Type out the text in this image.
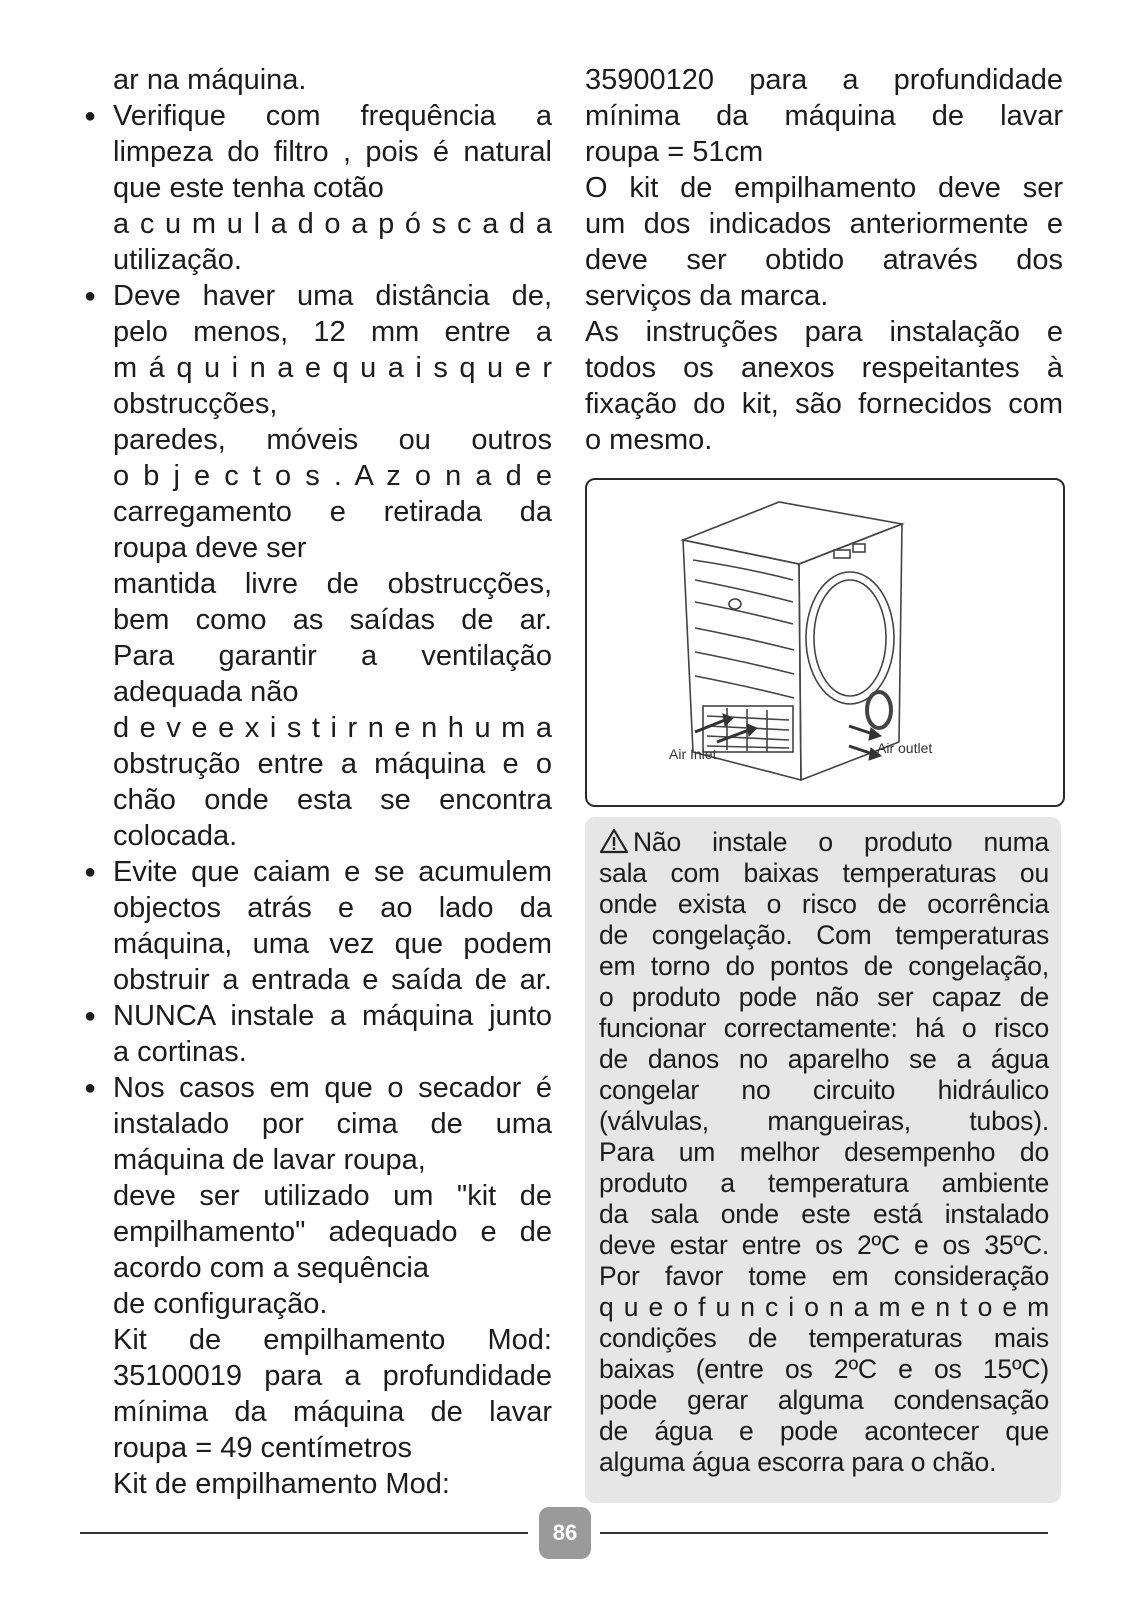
ar na máquina.
● Verifique com frequência a
limpeza do filtro , pois é natural
que este tenha cotão
a c u m u l a d o a p ó s c a d a
utilização.
● Deve haver uma distância de,
pelo menos, 12 mm entre a
m á q u i n a e q u a i s q u e r
obstrucções,
paredes, móveis ou outros
o b j e c t o s . A z o n a d e
carregamento e retirada da
roupa deve ser
mantida livre de obstrucções,
bem como as saídas de ar.
Para garantir a ventilação
adequada não
d e v e e x i s t i r n e n h u m a
obstrução entre a máquina e o
chão onde esta se encontra
colocada.
● Evite que caiam e se acumulem
objectos atrás e ao lado da
máquina, uma vez que podem
obstruir a entrada e saída de ar.
● NUNCA instale a máquina junto
a cortinas.
● Nos casos em que o secador é
instalado por cima de uma
máquina de lavar roupa,
deve ser utilizado um "kit de
empilhamento" adequado e de
acordo com a sequência
de configuração.
Kit de empilhamento Mod:
35100019 para a profundidade
mínima da máquina de lavar
roupa = 49 centímetros
Kit de empilhamento Mod:
35900120 para a profundidade
mínima da máquina de lavar
roupa = 51cm
O kit de empilhamento deve ser
um dos indicados anteriormente e
deve ser obtido através dos
serviços da marca.
As instruções para instalação e
todos os anexos respeitantes à
fixação do kit, são fornecidos com
o mesmo.
Air Inlet	Air outlet
Não instale o produto numa
sala com baixas temperaturas ou
onde exista o risco de ocorrência
de congelação. Com temperaturas
em torno do pontos de congelação,
o produto pode não ser capaz de
funcionar correctamente: há o risco
de danos no aparelho se a água
congelar no circuito hidráulico
(válvulas, mangueiras, tubos).
Para um melhor desempenho do
produto a temperatura ambiente
da sala onde este está instalado
deve estar entre os 2ºC e os 35ºC.
Por favor tome em consideração
q u e o f u n c i o n a m e n t o e m
condições de temperaturas mais
baixas (entre os 2ºC e os 15ºC)
pode gerar alguma condensação
de água e pode acontecer que
alguma água escorra para o chão.
86
